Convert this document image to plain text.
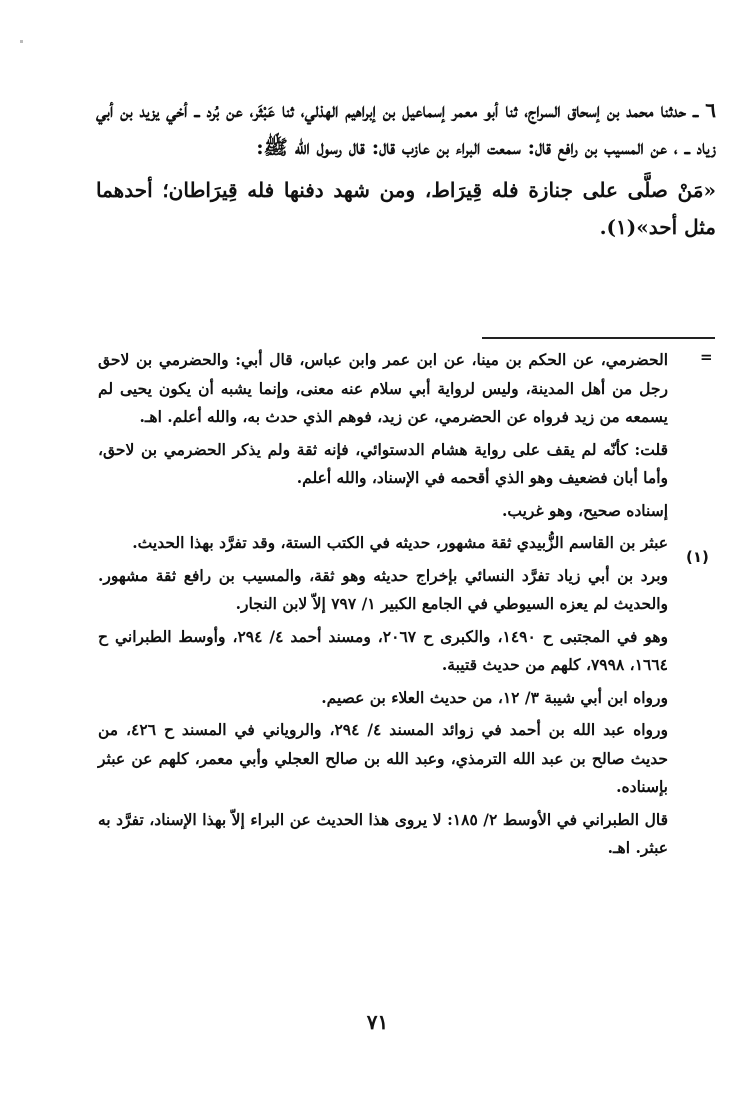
٦ ــ حدثنا محمد بن إسحاق السراج، ثنا أبو معمر إسماعيل بن إبراهيم الهذلي، ثنا عَبْثَر، عن بُرد ــ أخي يزيد بن أبي زياد ــ ، عن المسيب بن رافع قال: سمعت البراء بن عازب قال: قال رسول الله ﷺ:

«مَنْ صلَّى على جنازة فله قِيرَاط، ومن شهد دفنها فله قِيرَاطان؛ أحدهما مثل أحد»(١).

=
(١)

الحضرمي، عن الحكم بن مينا، عن ابن عمر وابن عباس، قال أبي: والحضرمي بن لاحق رجل من أهل المدينة، وليس لرواية أبي سلام عنه معنى، وإنما يشبه أن يكون يحيى لم يسمعه من زيد فرواه عن الحضرمي، عن زيد، فوهم الذي حدث به، والله أعلم. اهـ.

قلت: كأنّه لم يقف على رواية هشام الدستوائي، فإنه ثقة ولم يذكر الحضرمي بن لاحق، وأما أبان فضعيف وهو الذي أقحمه في الإسناد، والله أعلم.

إسناده صحيح، وهو غريب.

عبثر بن القاسم الزُّبيدي ثقة مشهور، حديثه في الكتب الستة، وقد تفرَّد بهذا الحديث.

وبرد بن أبي زياد تفرَّد النسائي بإخراج حديثه وهو ثقة، والمسيب بن رافع ثقة مشهور. والحديث لم يعزه السيوطي في الجامع الكبير ١/ ٧٩٧ إلاّ لابن النجار.

وهو في المجتبى ح ١٤٩٠، والكبرى ح ٢٠٦٧، ومسند أحمد ٤/ ٢٩٤، وأوسط الطبراني ح ١٦٦٤، ٧٩٩٨، كلهم من حديث قتيبة.

ورواه ابن أبي شيبة ٣/ ١٢، من حديث العلاء بن عصيم.

ورواه عبد الله بن أحمد في زوائد المسند ٤/ ٢٩٤، والروياني في المسند ح ٤٢٦، من حديث صالح بن عبد الله الترمذي، وعبد الله بن صالح العجلي وأبي معمر، كلهم عن عبثر بإسناده.

قال الطبراني في الأوسط ٢/ ١٨٥: لا يروى هذا الحديث عن البراء إلاّ بهذا الإسناد، تفرَّد به عبثر. اهـ.

٧١
